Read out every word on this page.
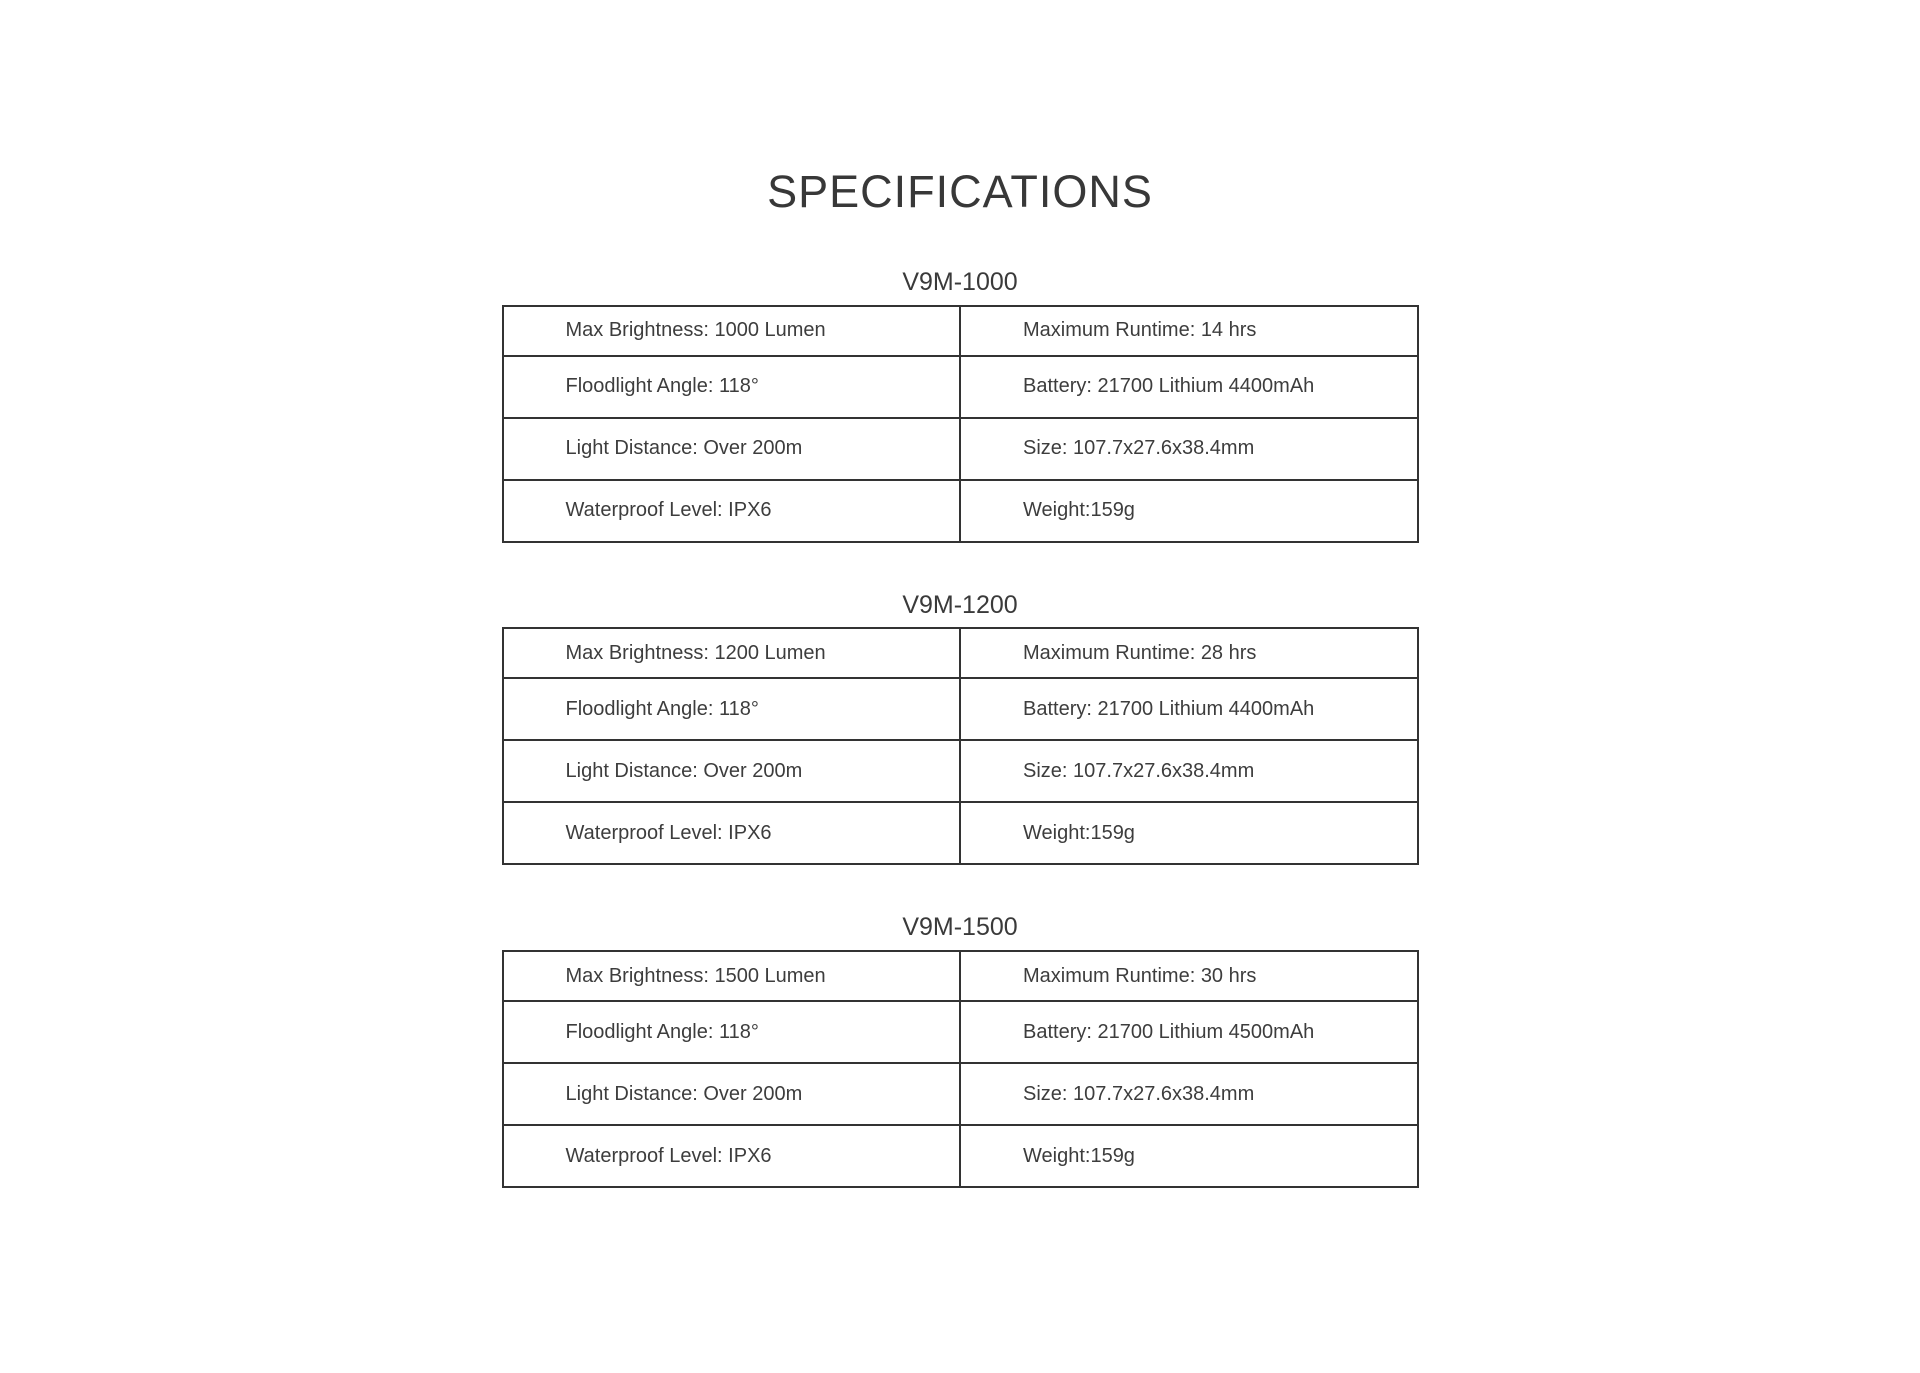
SPECIFICATIONS
V9M-1000
Max Brightness: 1000 Lumen	Maximum Runtime: 14 hrs
Floodlight Angle: 118°	Battery: 21700 Lithium 4400mAh
Light Distance: Over 200m	Size: 107.7x27.6x38.4mm
Waterproof Level: IPX6	Weight:159g
V9M-1200
Max Brightness: 1200 Lumen	Maximum Runtime: 28 hrs
Floodlight Angle: 118°	Battery: 21700 Lithium 4400mAh
Light Distance: Over 200m	Size: 107.7x27.6x38.4mm
Waterproof Level: IPX6	Weight:159g
V9M-1500
Max Brightness: 1500 Lumen	Maximum Runtime: 30 hrs
Floodlight Angle: 118°	Battery: 21700 Lithium 4500mAh
Light Distance: Over 200m	Size: 107.7x27.6x38.4mm
Waterproof Level: IPX6	Weight:159g
